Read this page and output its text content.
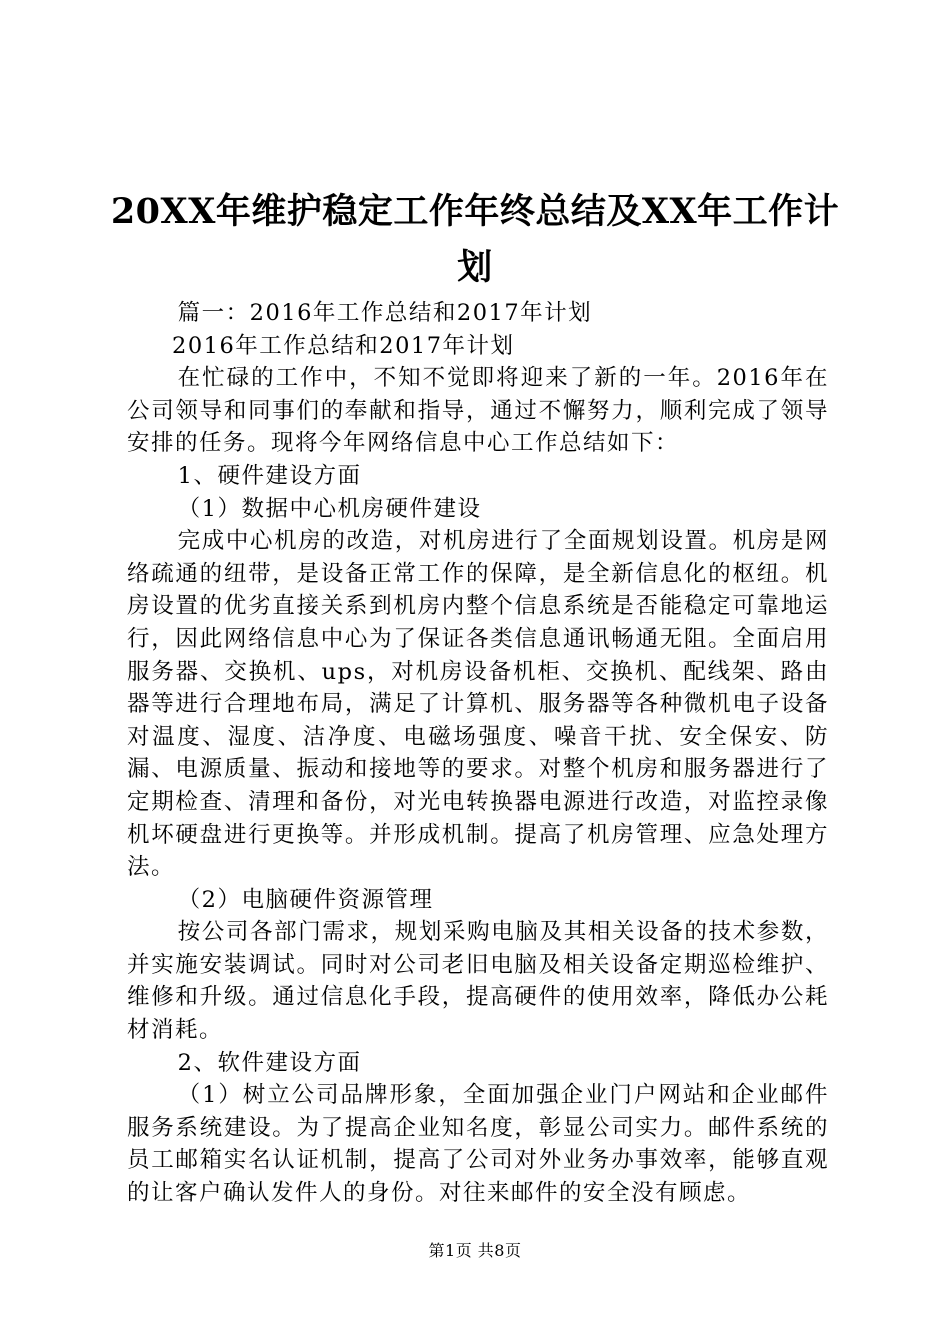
20XX年维护稳定工作年终总结及XX年工作计
划

篇一：2016年工作总结和2017年计划

2016年工作总结和2017年计划

在忙碌的工作中，不知不觉即将迎来了新的一年。2016年在公司领导和同事们的奉献和指导，通过不懈努力，顺利完成了领导安排的任务。现将今年网络信息中心工作总结如下：

1、硬件建设方面

（1）数据中心机房硬件建设

完成中心机房的改造，对机房进行了全面规划设置。机房是网络疏通的纽带，是设备正常工作的保障，是全新信息化的枢纽。机房设置的优劣直接关系到机房内整个信息系统是否能稳定可靠地运行，因此网络信息中心为了保证各类信息通讯畅通无阻。全面启用服务器、交换机、ups，对机房设备机柜、交换机、配线架、路由器等进行合理地布局，满足了计算机、服务器等各种微机电子设备对温度、湿度、洁净度、电磁场强度、噪音干扰、安全保安、防漏、电源质量、振动和接地等的要求。对整个机房和服务器进行了定期检查、清理和备份，对光电转换器电源进行改造，对监控录像机坏硬盘进行更换等。并形成机制。提高了机房管理、应急处理方法。

（2）电脑硬件资源管理

按公司各部门需求，规划采购电脑及其相关设备的技术参数，并实施安装调试。同时对公司老旧电脑及相关设备定期巡检维护、维修和升级。通过信息化手段，提高硬件的使用效率，降低办公耗材消耗。

2、软件建设方面

（1）树立公司品牌形象，全面加强企业门户网站和企业邮件服务系统建设。为了提高企业知名度，彰显公司实力。邮件系统的员工邮箱实名认证机制，提高了公司对外业务办事效率，能够直观的让客户确认发件人的身份。对往来邮件的安全没有顾虑。

第1页 共8页
